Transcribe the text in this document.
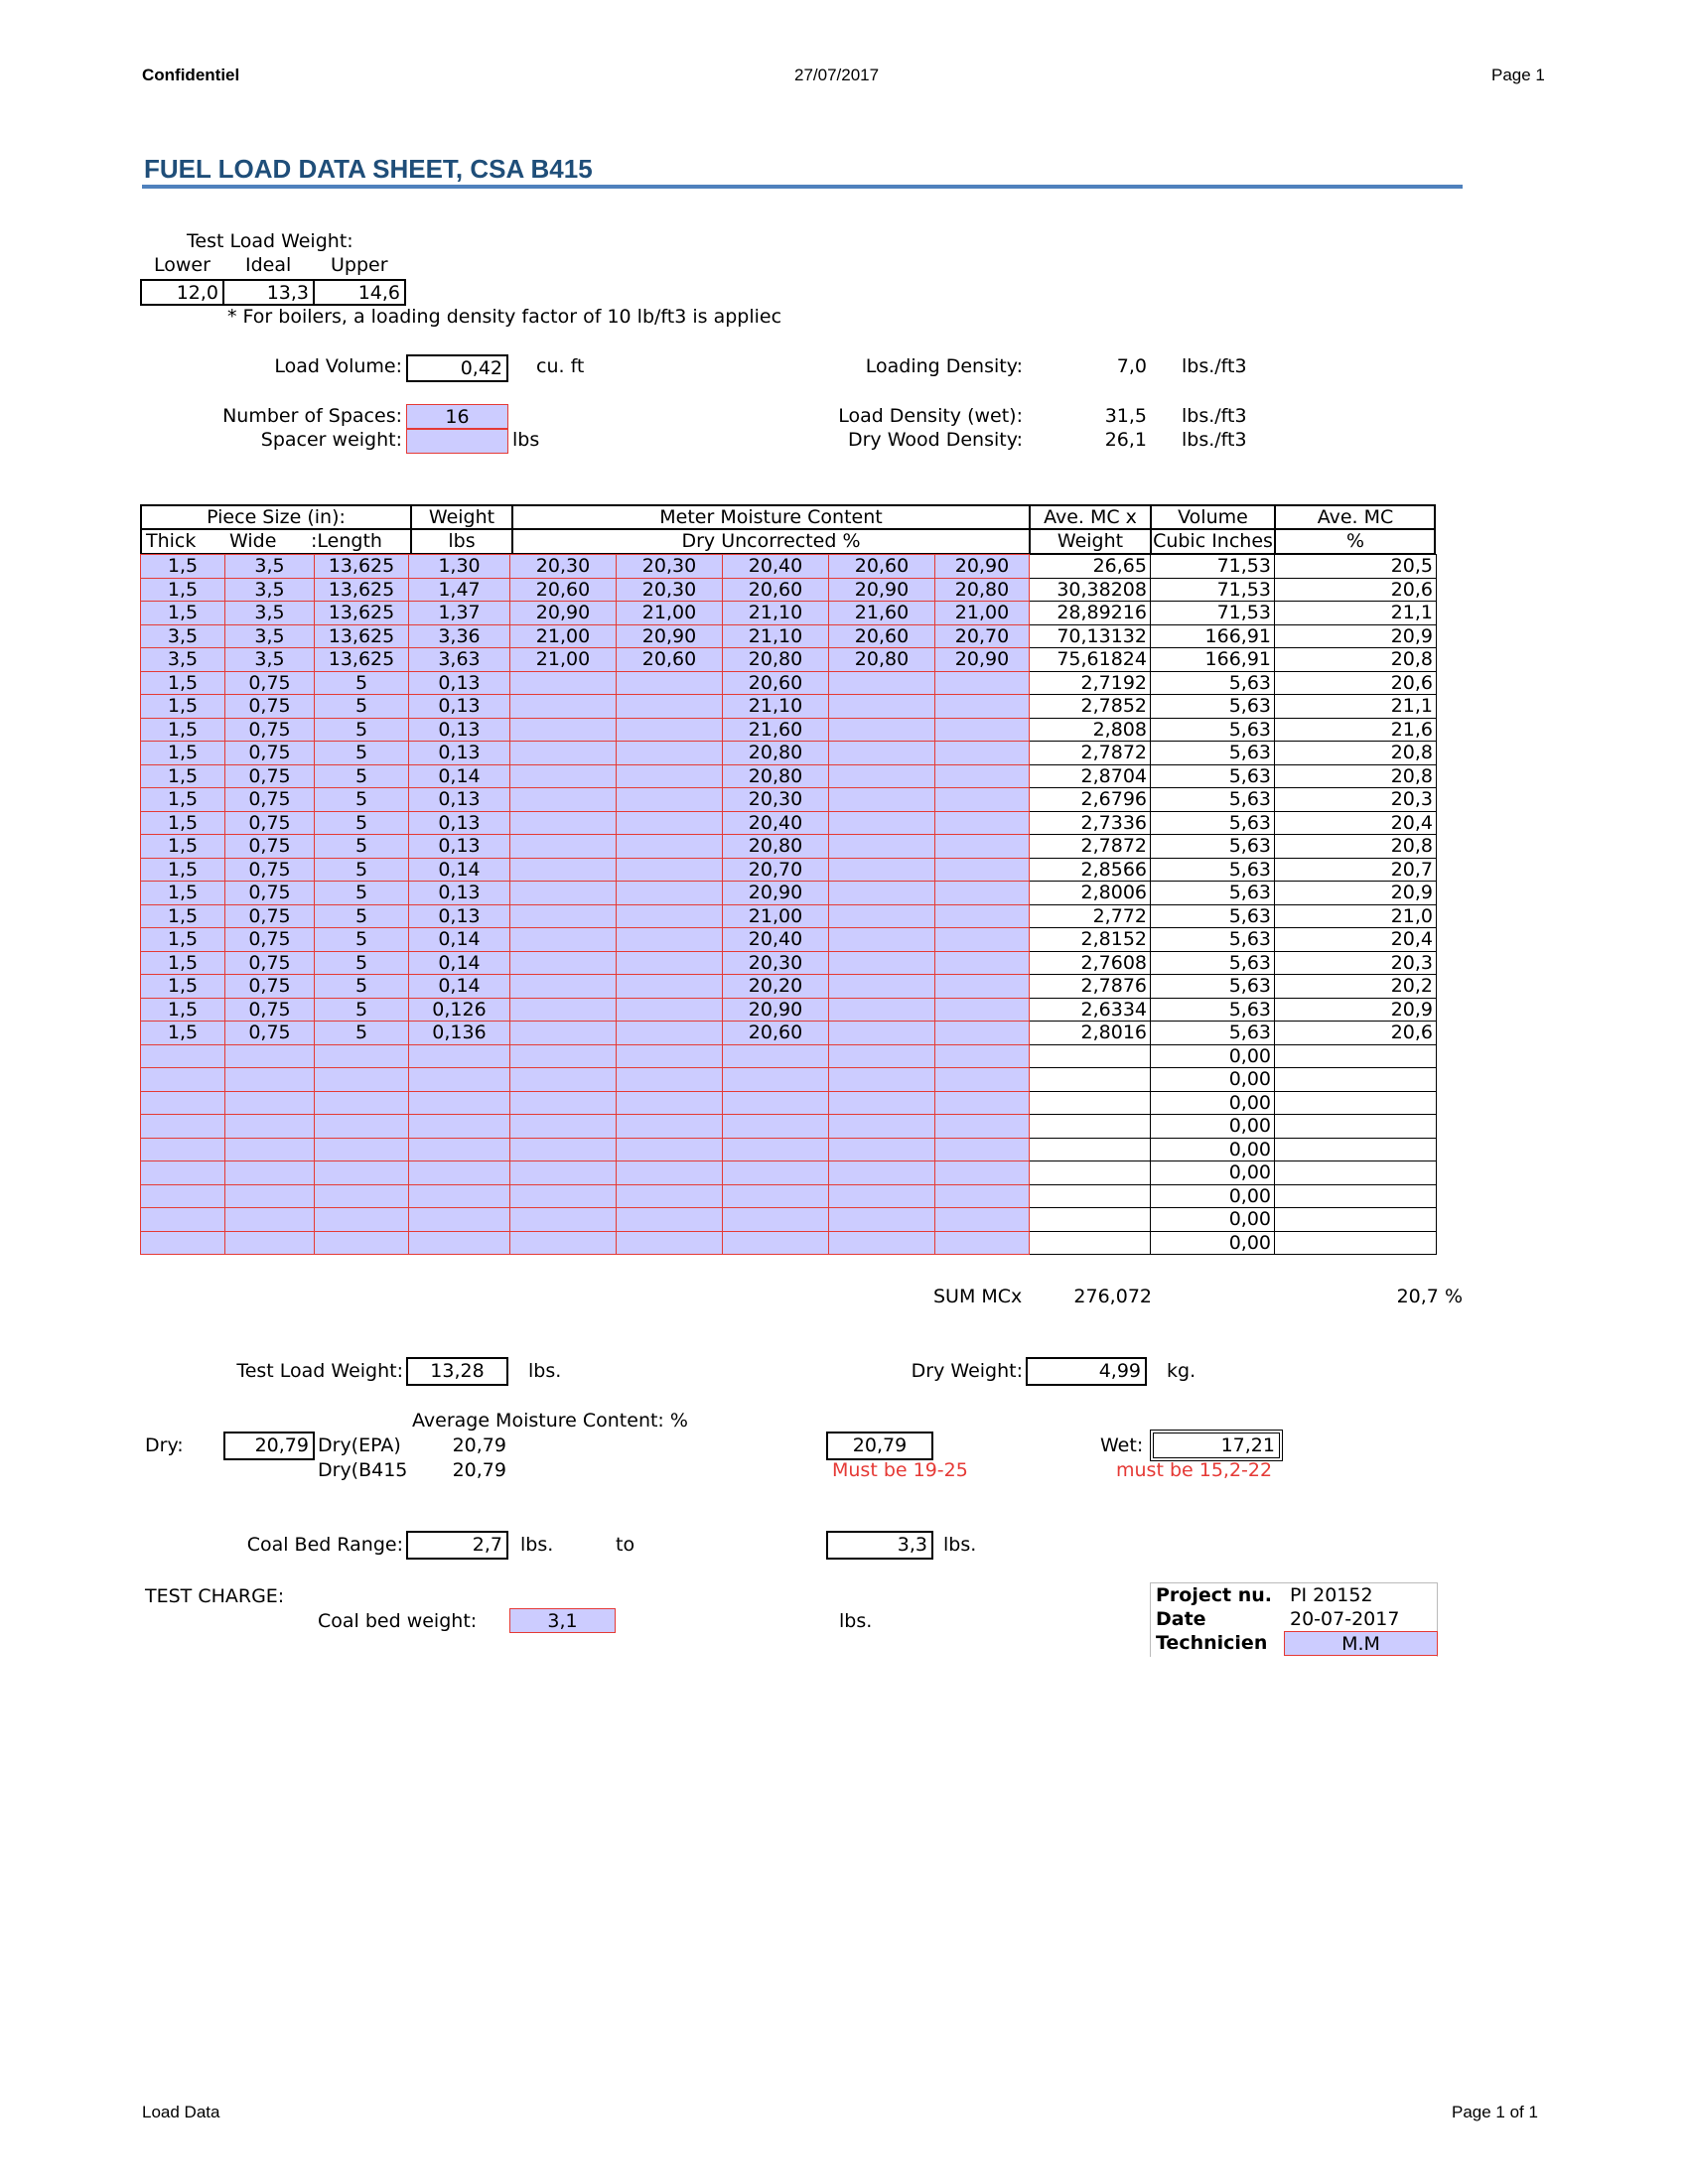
Confidentiel	27/07/2017	Page 1
FUEL LOAD DATA SHEET, CSA B415
Test Load Weight:
Lower Ideal Upper
12,0	13,3	14,6
* For boilers, a loading density factor of 10 lb/ft3 is appliec
Load Volume:	0,42	cu. ft
Number of Spaces:	16
Spacer weight:	lbs
Loading Density:	7,0 lbs./ft3
Load Density (wet):	31,5 lbs./ft3
Dry Wood Density:	26,1 lbs./ft3
Piece Size (in):	Weight	Meter Moisture Content	Ave. MC x	Volume	Ave. MC
Thick Wide :Length	lbs	Dry Uncorrected %	Weight	Cubic Inches	%
1,5	3,5	13,625	1,30	20,30	20,30	20,40	20,60	20,90	26,65	71,53	20,5
1,5	3,5	13,625	1,47	20,60	20,30	20,60	20,90	20,80	30,38208	71,53	20,6
1,5	3,5	13,625	1,37	20,90	21,00	21,10	21,60	21,00	28,89216	71,53	21,1
3,5	3,5	13,625	3,36	21,00	20,90	21,10	20,60	20,70	70,13132	166,91	20,9
3,5	3,5	13,625	3,63	21,00	20,60	20,80	20,80	20,90	75,61824	166,91	20,8
1,5	0,75	5	0,13			20,60			2,7192	5,63	20,6
1,5	0,75	5	0,13			21,10			2,7852	5,63	21,1
1,5	0,75	5	0,13			21,60			2,808	5,63	21,6
1,5	0,75	5	0,13			20,80			2,7872	5,63	20,8
1,5	0,75	5	0,14			20,80			2,8704	5,63	20,8
1,5	0,75	5	0,13			20,30			2,6796	5,63	20,3
1,5	0,75	5	0,13			20,40			2,7336	5,63	20,4
1,5	0,75	5	0,13			20,80			2,7872	5,63	20,8
1,5	0,75	5	0,14			20,70			2,8566	5,63	20,7
1,5	0,75	5	0,13			20,90			2,8006	5,63	20,9
1,5	0,75	5	0,13			21,00			2,772	5,63	21,0
1,5	0,75	5	0,14			20,40			2,8152	5,63	20,4
1,5	0,75	5	0,14			20,30			2,7608	5,63	20,3
1,5	0,75	5	0,14			20,20			2,7876	5,63	20,2
1,5	0,75	5	0,126			20,90			2,6334	5,63	20,9
1,5	0,75	5	0,136			20,60			2,8016	5,63	20,6
										0,00	
										0,00	
										0,00	
										0,00	
										0,00	
										0,00	
										0,00	
										0,00	
										0,00	
SUM MCx	276,072	20,7 %
Test Load Weight:	13,28	lbs.	Dry Weight:	4,99	kg.
Average Moisture Content: %
Dry:	20,79 Dry(EPA)	20,79
Dry(B415	20,79
20,79
Must be 19-25
Wet:	17,21
must be 15,2-22
Coal Bed Range:	2,7 lbs.	to	3,3 lbs.
TEST CHARGE:
Coal bed weight:	3,1	lbs.
Project nu. PI 20152
Date	20-07-2017
Technicien	M.M
Load Data	Page 1 of 1
